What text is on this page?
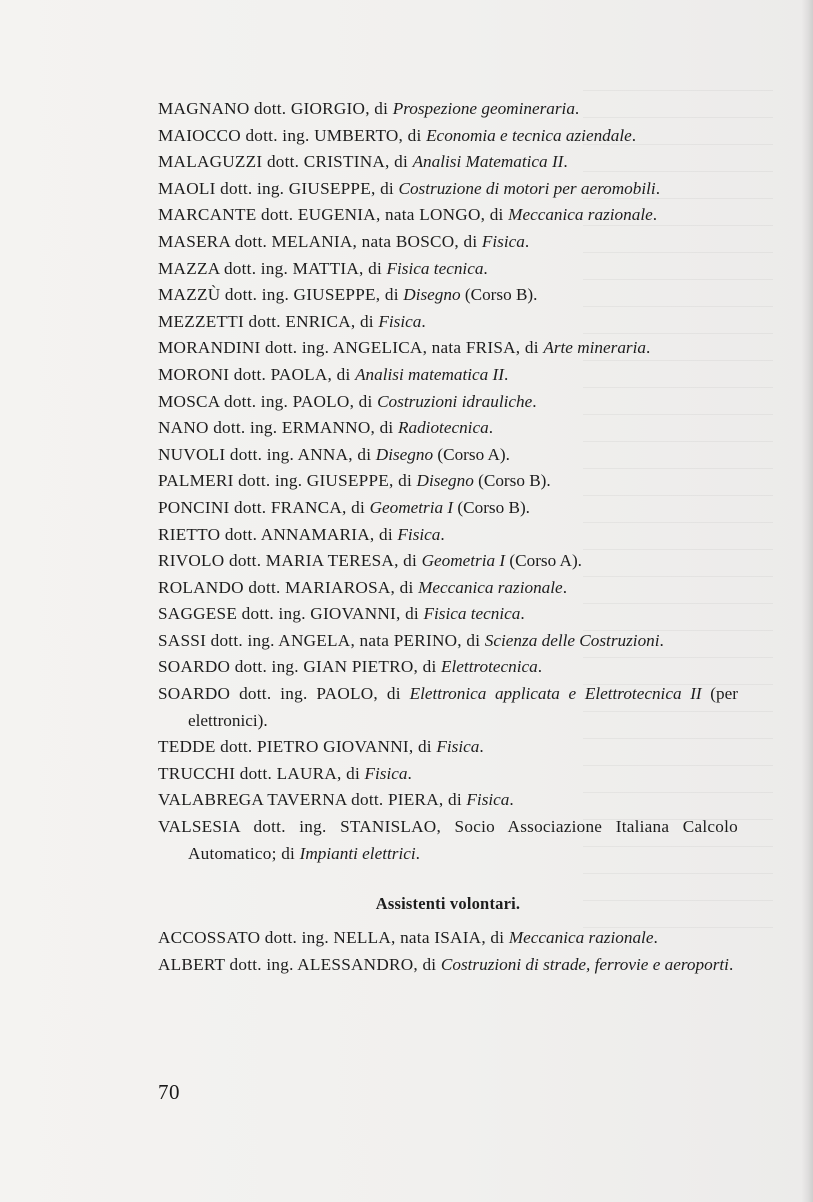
MAGNANO dott. GIORGIO, di Prospezione geomineraria.

MAIOCCO dott. ing. UMBERTO, di Economia e tecnica aziendale.

MALAGUZZI dott. CRISTINA, di Analisi Matematica II.

MAOLI dott. ing. GIUSEPPE, di Costruzione di motori per aeromobili.

MARCANTE dott. EUGENIA, nata LONGO, di Meccanica razionale.

MASERA dott. MELANIA, nata BOSCO, di Fisica.

MAZZA dott. ing. MATTIA, di Fisica tecnica.

MAZZÙ dott. ing. GIUSEPPE, di Disegno (Corso B).

MEZZETTI dott. ENRICA, di Fisica.

MORANDINI dott. ing. ANGELICA, nata FRISA, di Arte mineraria.

MORONI dott. PAOLA, di Analisi matematica II.

MOSCA dott. ing. PAOLO, di Costruzioni idrauliche.

NANO dott. ing. ERMANNO, di Radiotecnica.

NUVOLI dott. ing. ANNA, di Disegno (Corso A).

PALMERI dott. ing. GIUSEPPE, di Disegno (Corso B).

PONCINI dott. FRANCA, di Geometria I (Corso B).

RIETTO dott. ANNAMARIA, di Fisica.

RIVOLO dott. MARIA TERESA, di Geometria I (Corso A).

ROLANDO dott. MARIAROSA, di Meccanica razionale.

SAGGESE dott. ing. GIOVANNI, di Fisica tecnica.

SASSI dott. ing. ANGELA, nata PERINO, di Scienza delle Costruzioni.

SOARDO dott. ing. GIAN PIETRO, di Elettrotecnica.

SOARDO dott. ing. PAOLO, di Elettronica applicata e Elettrotecnica II (per elettronici).

TEDDE dott. PIETRO GIOVANNI, di Fisica.

TRUCCHI dott. LAURA, di Fisica.

VALABREGA TAVERNA dott. PIERA, di Fisica.

VALSESIA dott. ing. STANISLAO, Socio Associazione Italiana Calcolo Automatico; di Impianti elettrici.

Assistenti volontari.

ACCOSSATO dott. ing. NELLA, nata ISAIA, di Meccanica razionale.

ALBERT dott. ing. ALESSANDRO, di Costruzioni di strade, ferrovie e aeroporti.

70
